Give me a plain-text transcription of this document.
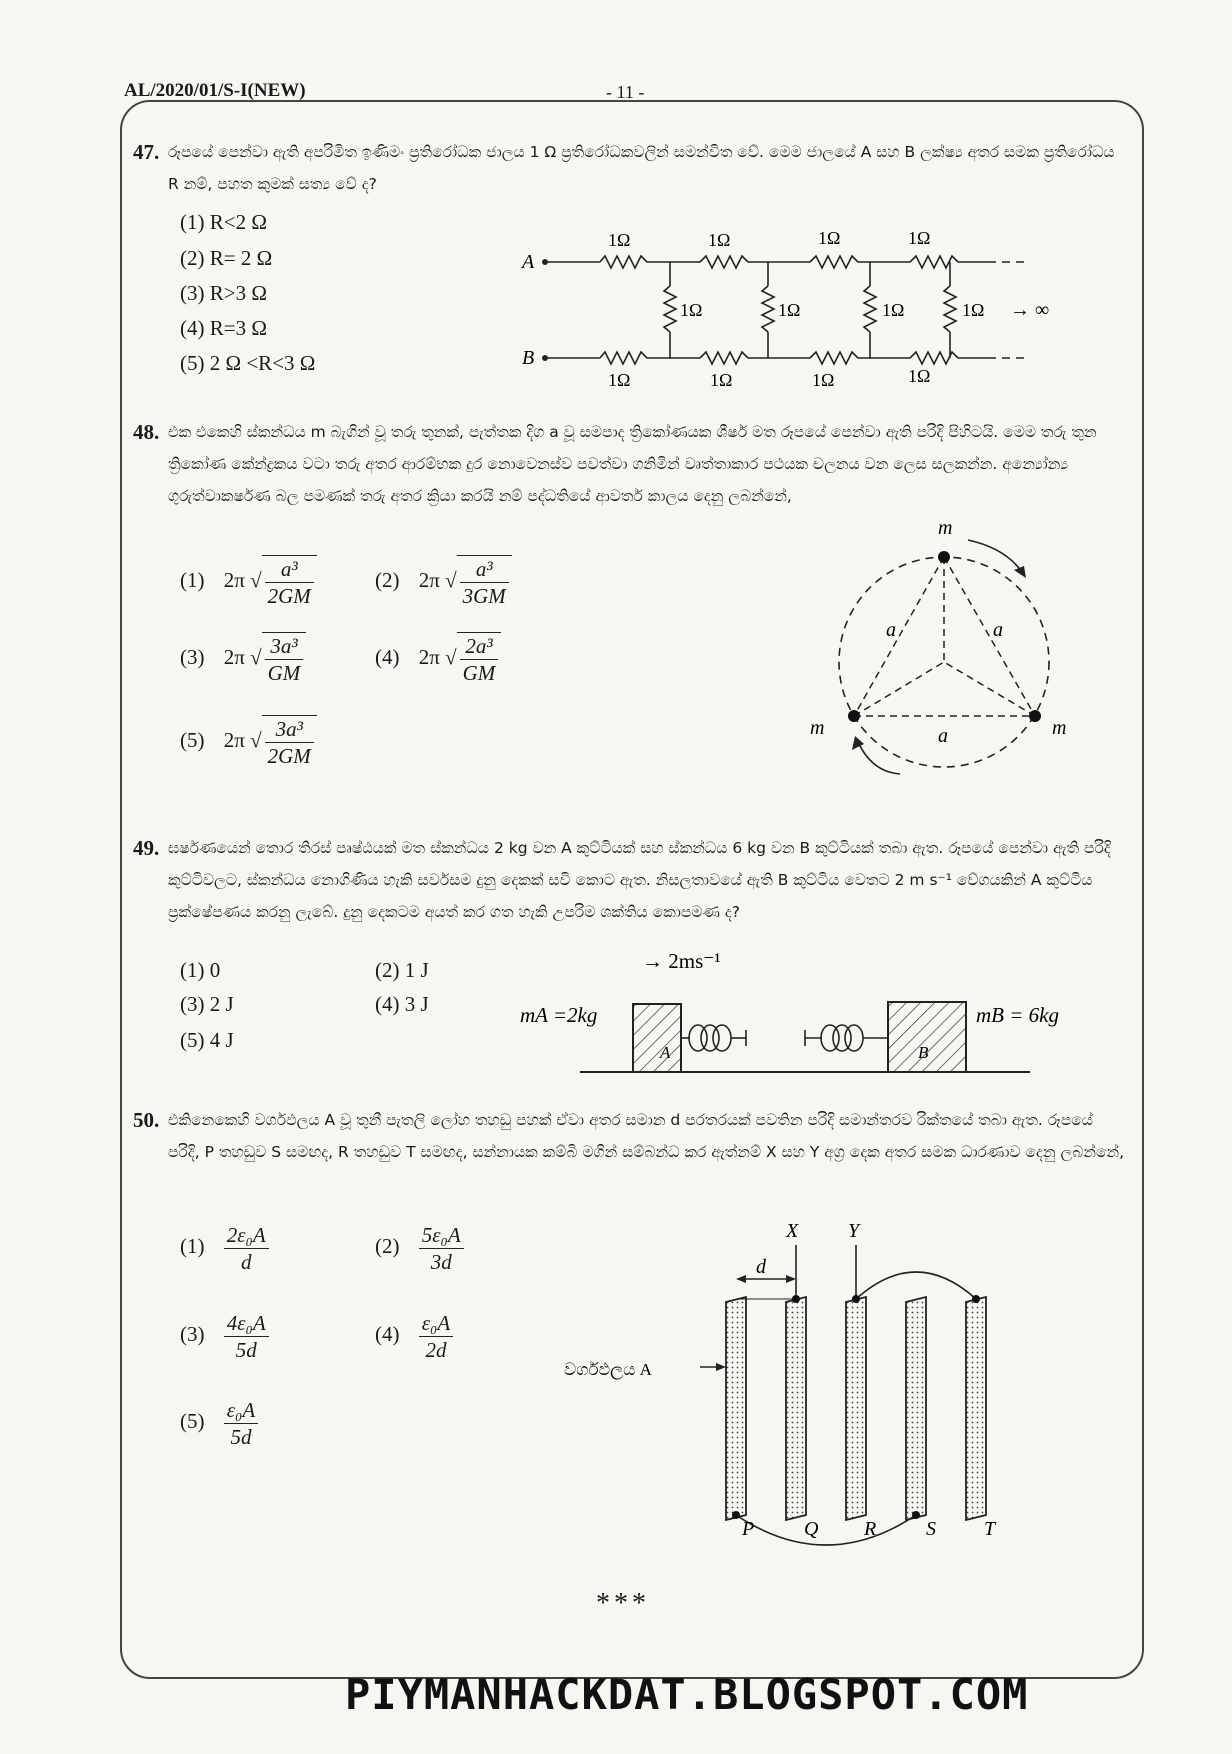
AL/2020/01/S-I(NEW)	- 11 -
47. රූපයේ පෙන්වා ඇති අපරිමිත ඉණිමං ප්‍රතිරෝධක ජාලය 1 Ω ප්‍රතිරෝධකවලින් සමන්විත වේ. මෙම ජාලයේ A සහ B ලක්ෂ්‍ය අතර සමක ප්‍රතිරෝධය R නම්, පහත කුමක් සත්‍ය වේ ද?
(1) R<2 Ω
(2) R= 2 Ω
(3) R>3 Ω
(4) R=3 Ω
(5) 2 Ω <R<3 Ω
A
B
1Ω	1Ω	1Ω	1Ω
1Ω	1Ω	1Ω	1Ω
1Ω	1Ω	1Ω	1Ω → ∞
48. එක එකෙහි ස්කන්ධය m බැගින් වූ තරු තුනක්, පැත්තක දිග a වූ සමපාද ත්‍රිකෝණයක ශීර්ෂ මත රූපයේ පෙන්වා ඇති පරිදි පිහිටයි. මෙම තරු තුන ත්‍රිකෝණ කේන්ද්‍රකය වටා තරු අතර ආරම්භක දුර නොවෙනස්ව පවත්වා ගනිමින් වෘත්තාකාර පථයක චලනය වන ලෙස සලකන්න. අන්‍යෝන්‍ය ගුරුත්වාකර්ෂණ බල පමණක් තරු අතර ක්‍රියා කරයි නම් පද්ධතියේ ආවර්ත කාලය දෙනු ලබන්නේ,
(1) 2π √ $\frac{\text{a³}}{2GM}$	(2) 2π √ $\frac{\text{a³}}{3GM}$
(3) 2π √ $\frac{\text{3a³}}{GM}$	(4) 2π √ $\frac{\text{2a³}}{GM}$
(5) 2π √ $\frac{\text{3a³}}{2GM}$
m
m	m
a	a
a
49. ඝර්ෂණයෙන් තොර තිරස් පෘෂ්ඨයක් මත ස්කන්ධය 2 kg වන A කුට්ටියක් සහ ස්කන්ධය 6 kg වන B කුට්ටියක් තබා ඇත. රූපයේ පෙන්වා ඇති පරිදි කුට්ටිවලට, ස්කන්ධය නොගිණිය හැකි සර්වසම දුනු දෙකක් සවි කොට ඇත. නිසලතාවයේ ඇති B කුට්ටිය වෙතට 2 m s⁻¹ වේගයකින් A කුට්ටිය ප්‍රක්ෂේපණය කරනු ලැබේ. දුනු දෙකටම අයත් කර ගත හැකි උපරිම ශක්තිය කොපමණ ද?
(1) 0	(2) 1 J
(3) 2 J	(4) 3 J
(5) 4 J
→ 2ms⁻¹
mA =2kg	mB = 6kg
A	B
50. එකිනෙකෙහි වර්ගඵලය A වූ තුනී පැතලි ලෝහ තහඩු පහක් ඒවා අතර සමාන d පරතරයක් පවතින පරිදි සමාන්තරව රික්තයේ තබා ඇත. රූපයේ පරිදි, P තහඩුව S සමඟද, R තහඩුව T සමඟද, සන්නායක කම්බි මගින් සම්බන්ධ කර ඇත්නම් X සහ Y අග්‍ර දෙක අතර සමක ධාරණාව දෙනු ලබන්නේ,
$(1) \frac{\text{2ε₀A}}{d}$	$(2) \frac{\text{5ε₀A}}{3d}$
$(3) \frac{\text{4ε₀A}}{5d}$	$(4) \frac{\text{ε₀A}}{2d}$
$(5) \frac{\text{ε₀A}}{5d}$
X Y
d
P Q R S T
වර්ගඵලය A
***
PIYMANHACKDAT.BLOGSPOT.COM
